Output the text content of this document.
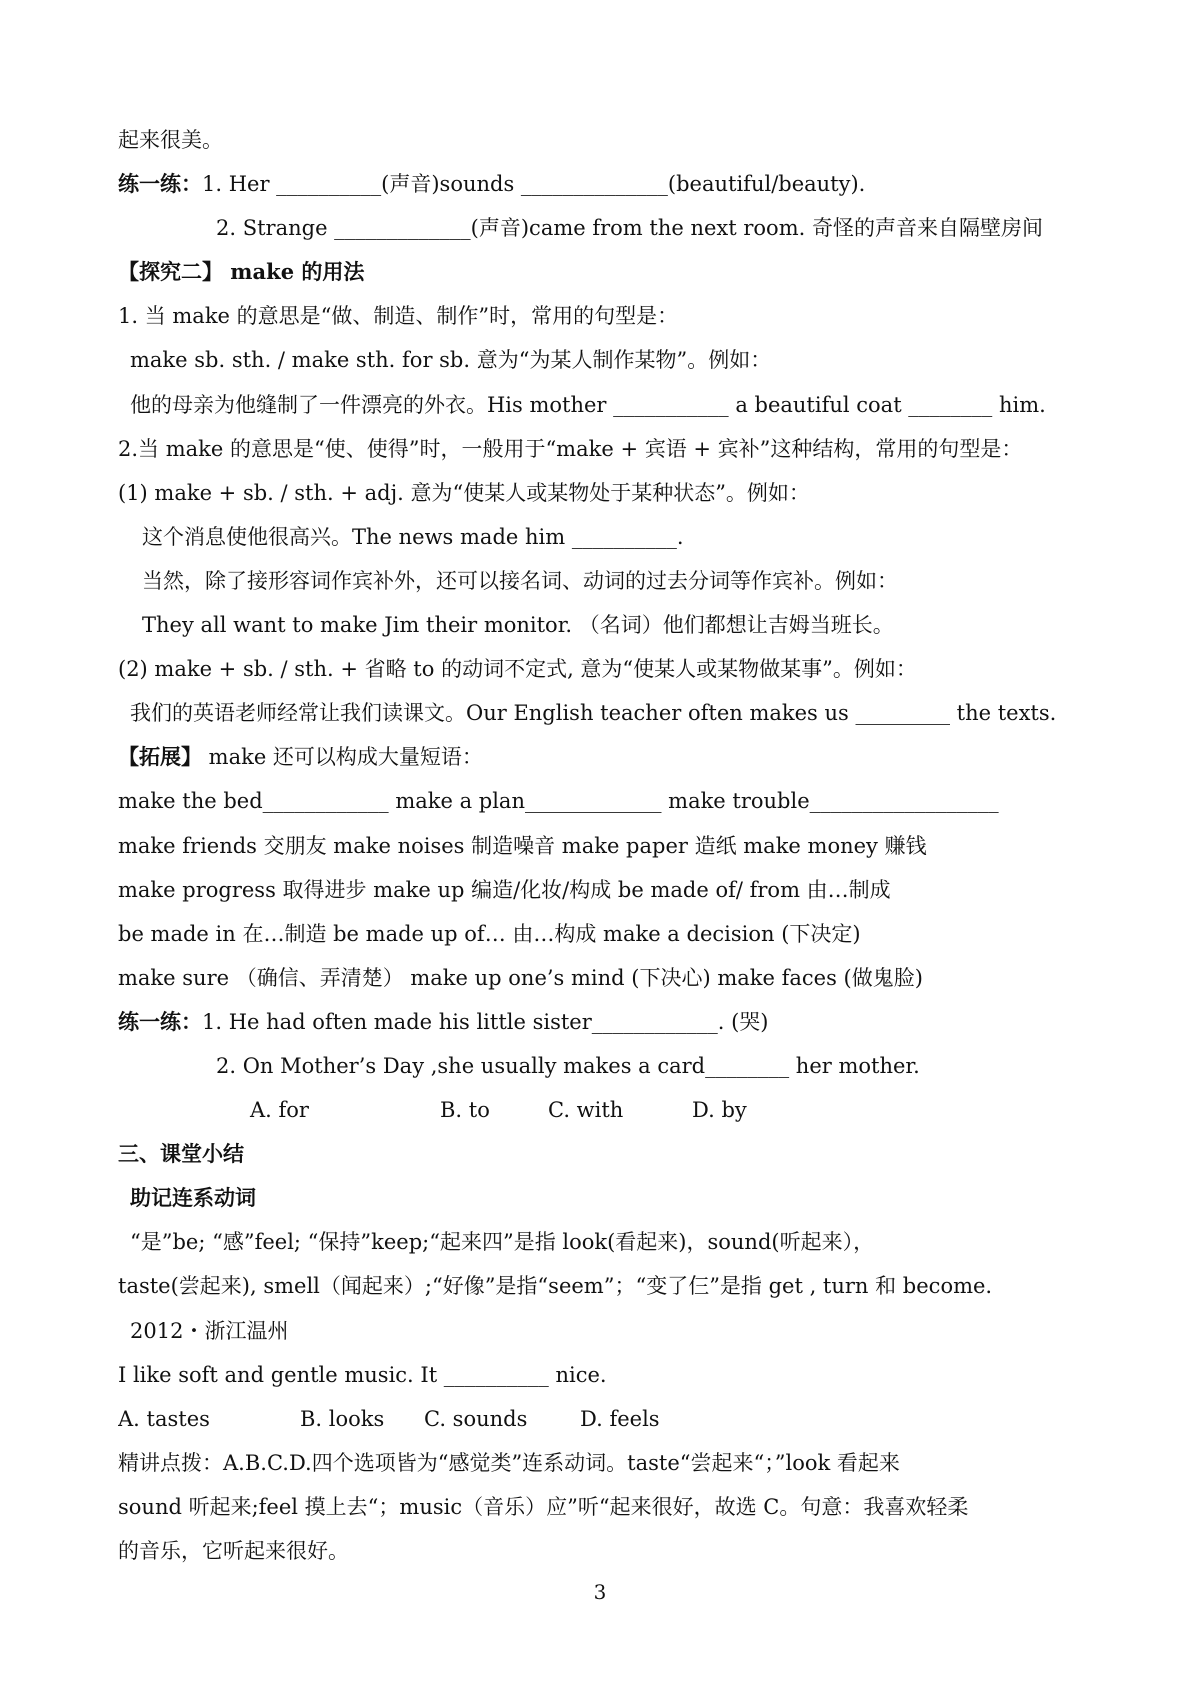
起来很美。
练一练：1. Her __________(声音)sounds ______________(beautiful/beauty).
2. Strange _____________(声音)came from the next room. 奇怪的声音来自隔壁房间
【探究二】 make 的用法
1. 当 make 的意思是“做、制造、制作”时，常用的句型是：
make sb. sth. / make sth. for sb. 意为“为某人制作某物”。例如：
他的母亲为他缝制了一件漂亮的外衣。His mother ___________ a beautiful coat ________ him.
2.当 make 的意思是“使、使得”时，一般用于“make + 宾语 + 宾补”这种结构，常用的句型是：
(1) make + sb. / sth. + adj. 意为“使某人或某物处于某种状态”。例如：
这个消息使他很高兴。The news made him __________.
当然，除了接形容词作宾补外，还可以接名词、动词的过去分词等作宾补。例如：
They all want to make Jim their monitor. （名词）他们都想让吉姆当班长。
(2) make + sb. / sth. + 省略 to 的动词不定式, 意为“使某人或某物做某事”。例如：
我们的英语老师经常让我们读课文。Our English teacher often makes us _________ the texts.
【拓展】 make 还可以构成大量短语：
make the bed____________ make a plan_____________ make trouble__________________
make friends 交朋友 make noises 制造噪音 make paper 造纸 make money 赚钱
make progress 取得进步 make up 编造/化妆/构成 be made of/ from 由…制成
be made in 在…制造 be made up of… 由…构成 make a decision (下决定)
make sure （确信、弄清楚） make up one’s mind (下决心) make faces (做鬼脸)
练一练：1. He had often made his little sister____________. (哭)
2. On Mother’s Day ,she usually makes a card________ her mother.
A. for	B. to	C. with	D. by
三、课堂小结
助记连系动词
“是”be; “感”feel; “保持”keep;“起来四”是指 look(看起来)，sound(听起来），
taste(尝起来), smell（闻起来）;“好像”是指“seem”；“变了仨”是指 get , turn 和 become.
2012・浙江温州
I like soft and gentle music. It __________ nice.
A. tastes	B. looks C. sounds	D. feels
精讲点拨：A.B.C.D.四个选项皆为“感觉类”连系动词。taste“尝起来“；”look 看起来
sound 听起来;feel 摸上去“；music（音乐）应”听“起来很好，故选 C。句意：我喜欢轻柔
的音乐，它听起来很好。
3
